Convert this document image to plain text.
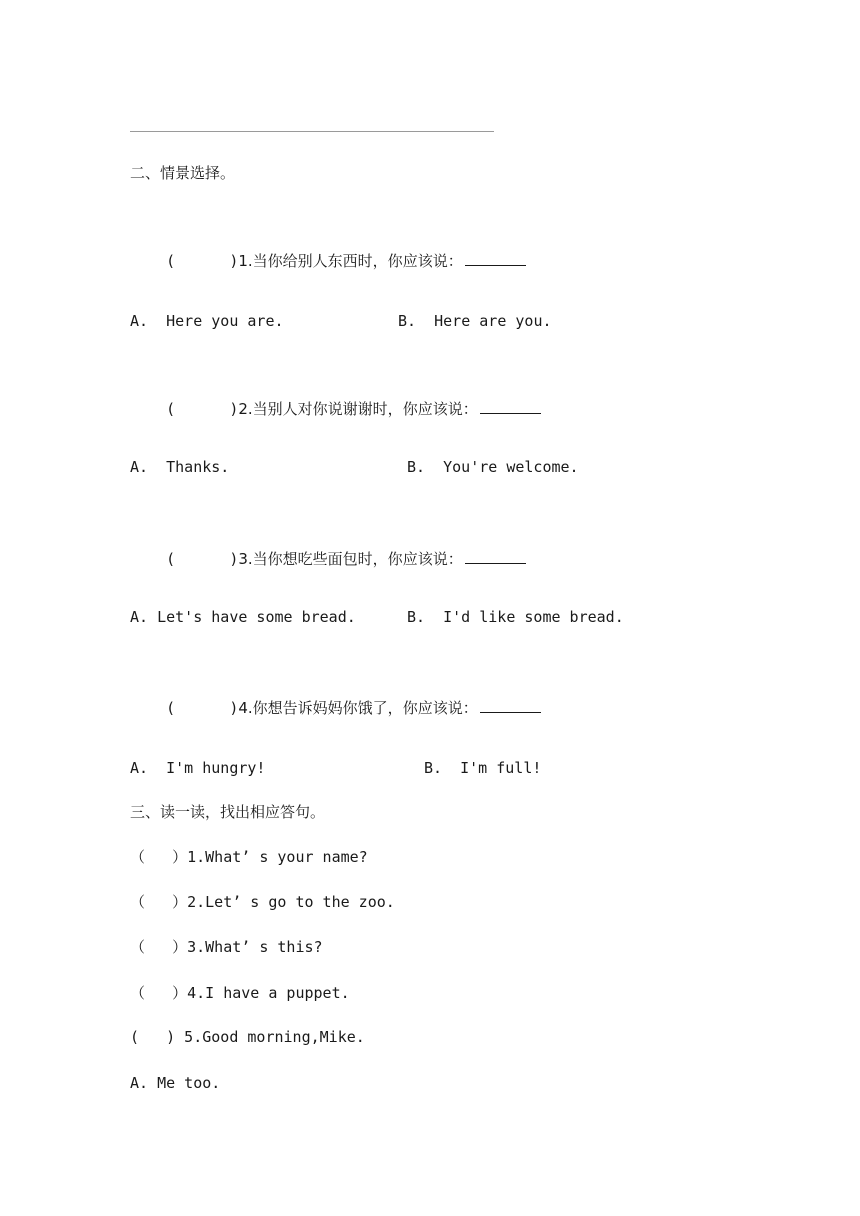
二、情景选择。

(      )1.当你给别人东西时，你应该说：

A.  Here you are.	B.  Here are you.

(      )2.当别人对你说谢谢时，你应该说：

A.  Thanks.	B.  You're welcome.

(      )3.当你想吃些面包时，你应该说：

A. Let's have some bread.	B.  I'd like some bread.

(      )4.你想告诉妈妈你饿了，你应该说：

A.  I'm hungry!	B.  I'm full!
三、读一读，找出相应答句。
（   ）1.What’ s your name?
（   ）2.Let’ s go to the zoo.
（   ）3.What’ s this?
（   ）4.I have a puppet.
(   ) 5.Good morning,Mike.
A. Me too.
